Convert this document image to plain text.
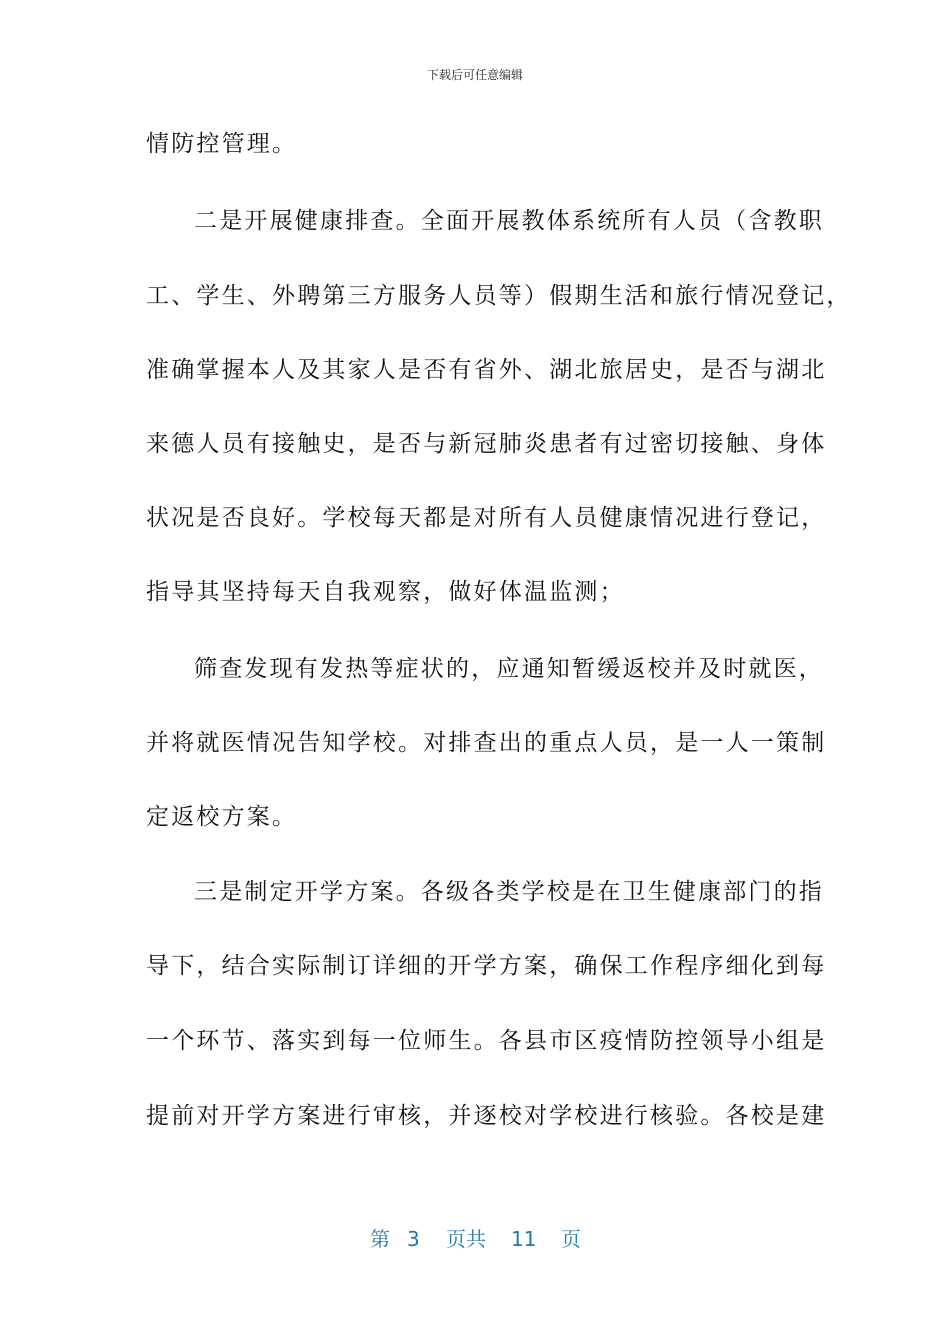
下载后可任意编辑
情防控管理。
二是开展健康排查。全面开展教体系统所有人员（含教职
工、学生、外聘第三方服务人员等）假期生活和旅行情况登记，
准确掌握本人及其家人是否有省外、湖北旅居史，是否与湖北
来德人员有接触史，是否与新冠肺炎患者有过密切接触、身体
状况是否良好。学校每天都是对所有人员健康情况进行登记，
指导其坚持每天自我观察，做好体温监测；
筛查发现有发热等症状的，应通知暂缓返校并及时就医，
并将就医情况告知学校。对排查出的重点人员，是一人一策制
定返校方案。
三是制定开学方案。各级各类学校是在卫生健康部门的指
导下，结合实际制订详细的开学方案，确保工作程序细化到每
一个环节、落实到每一位师生。各县市区疫情防控领导小组是
提前对开学方案进行审核，并逐校对学校进行核验。各校是建
第 3 页共 11 页
